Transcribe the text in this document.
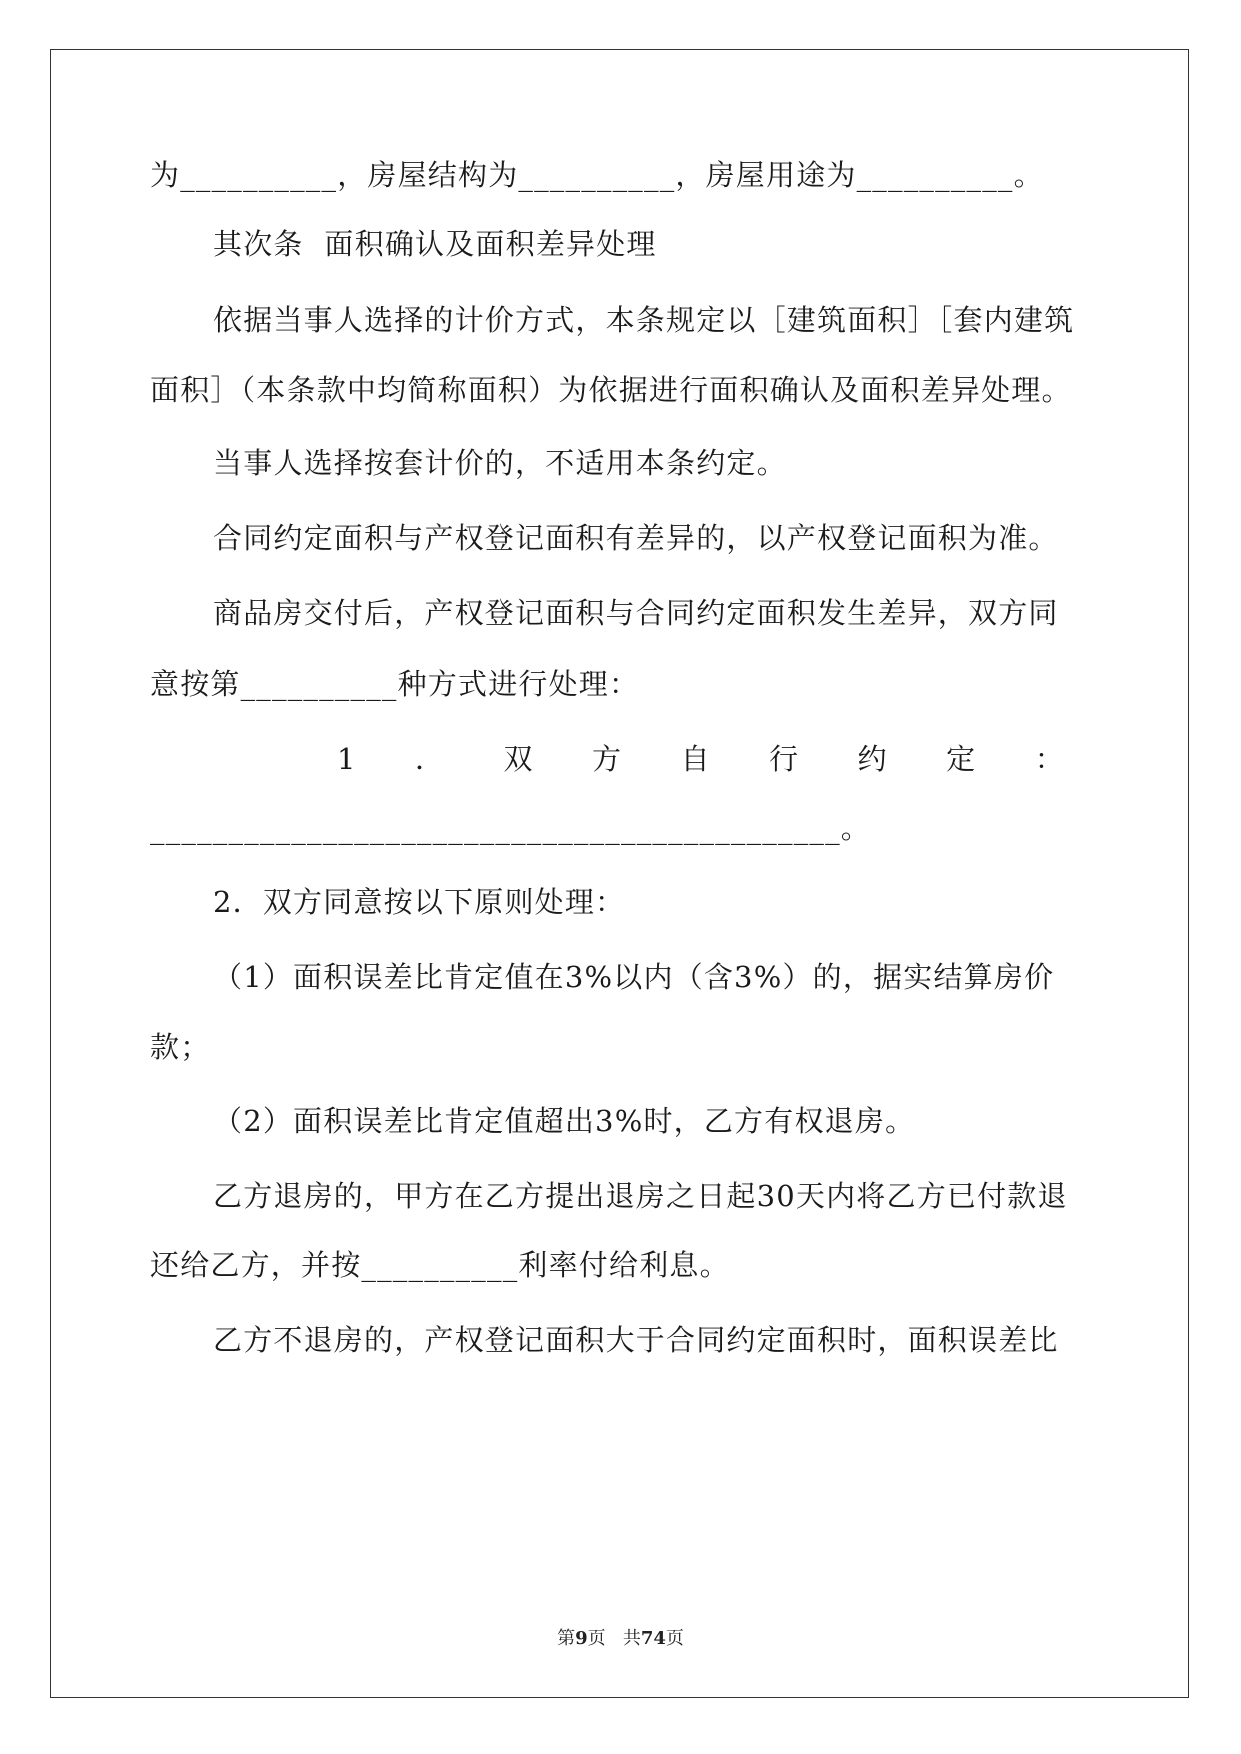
为__________，房屋结构为__________，房屋用途为__________。
其次条  面积确认及面积差异处理
依据当事人选择的计价方式，本条规定以［建筑面积］［套内建筑
面积］（本条款中均简称面积）为依据进行面积确认及面积差异处理。
当事人选择按套计价的，不适用本条约定。
合同约定面积与产权登记面积有差异的，以产权登记面积为准。
商品房交付后，产权登记面积与合同约定面积发生差异，双方同
意按第__________种方式进行处理：
1 ． 双 方 自 行 约 定 ：
____________________________________________。
2．双方同意按以下原则处理：
（1）面积误差比肯定值在3%以内（含3%）的，据实结算房价
款；
（2）面积误差比肯定值超出3%时，乙方有权退房。
乙方退房的，甲方在乙方提出退房之日起30天内将乙方已付款退
还给乙方，并按__________利率付给利息。
乙方不退房的，产权登记面积大于合同约定面积时，面积误差比
第9页 共74页
